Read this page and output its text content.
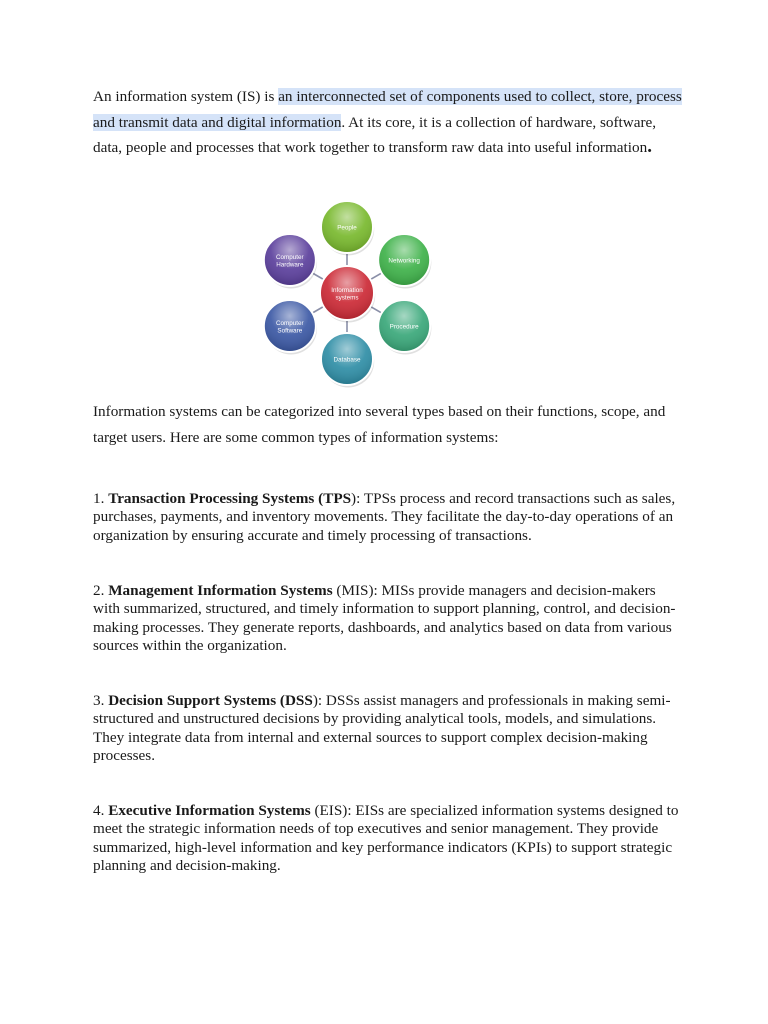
An information system (IS) is an interconnected set of components used to collect, store, process and transmit data and digital information. At its core, it is a collection of hardware, software, data, people and processes that work together to transform raw data into useful information.

People
Networking
Procedure
Database
Computer
Software
Computer
Hardware
Information
systems

Information systems can be categorized into several types based on their functions, scope, and target users. Here are some common types of information systems:

1. Transaction Processing Systems (TPS): TPSs process and record transactions such as sales, purchases, payments, and inventory movements. They facilitate the day-to-day operations of an organization by ensuring accurate and timely processing of transactions.

2. Management Information Systems (MIS): MISs provide managers and decision-makers with summarized, structured, and timely information to support planning, control, and decision-making processes. They generate reports, dashboards, and analytics based on data from various sources within the organization.

3. Decision Support Systems (DSS): DSSs assist managers and professionals in making semi-structured and unstructured decisions by providing analytical tools, models, and simulations. They integrate data from internal and external sources to support complex decision-making processes.

4. Executive Information Systems (EIS): EISs are specialized information systems designed to meet the strategic information needs of top executives and senior management. They provide summarized, high-level information and key performance indicators (KPIs) to support strategic planning and decision-making.
